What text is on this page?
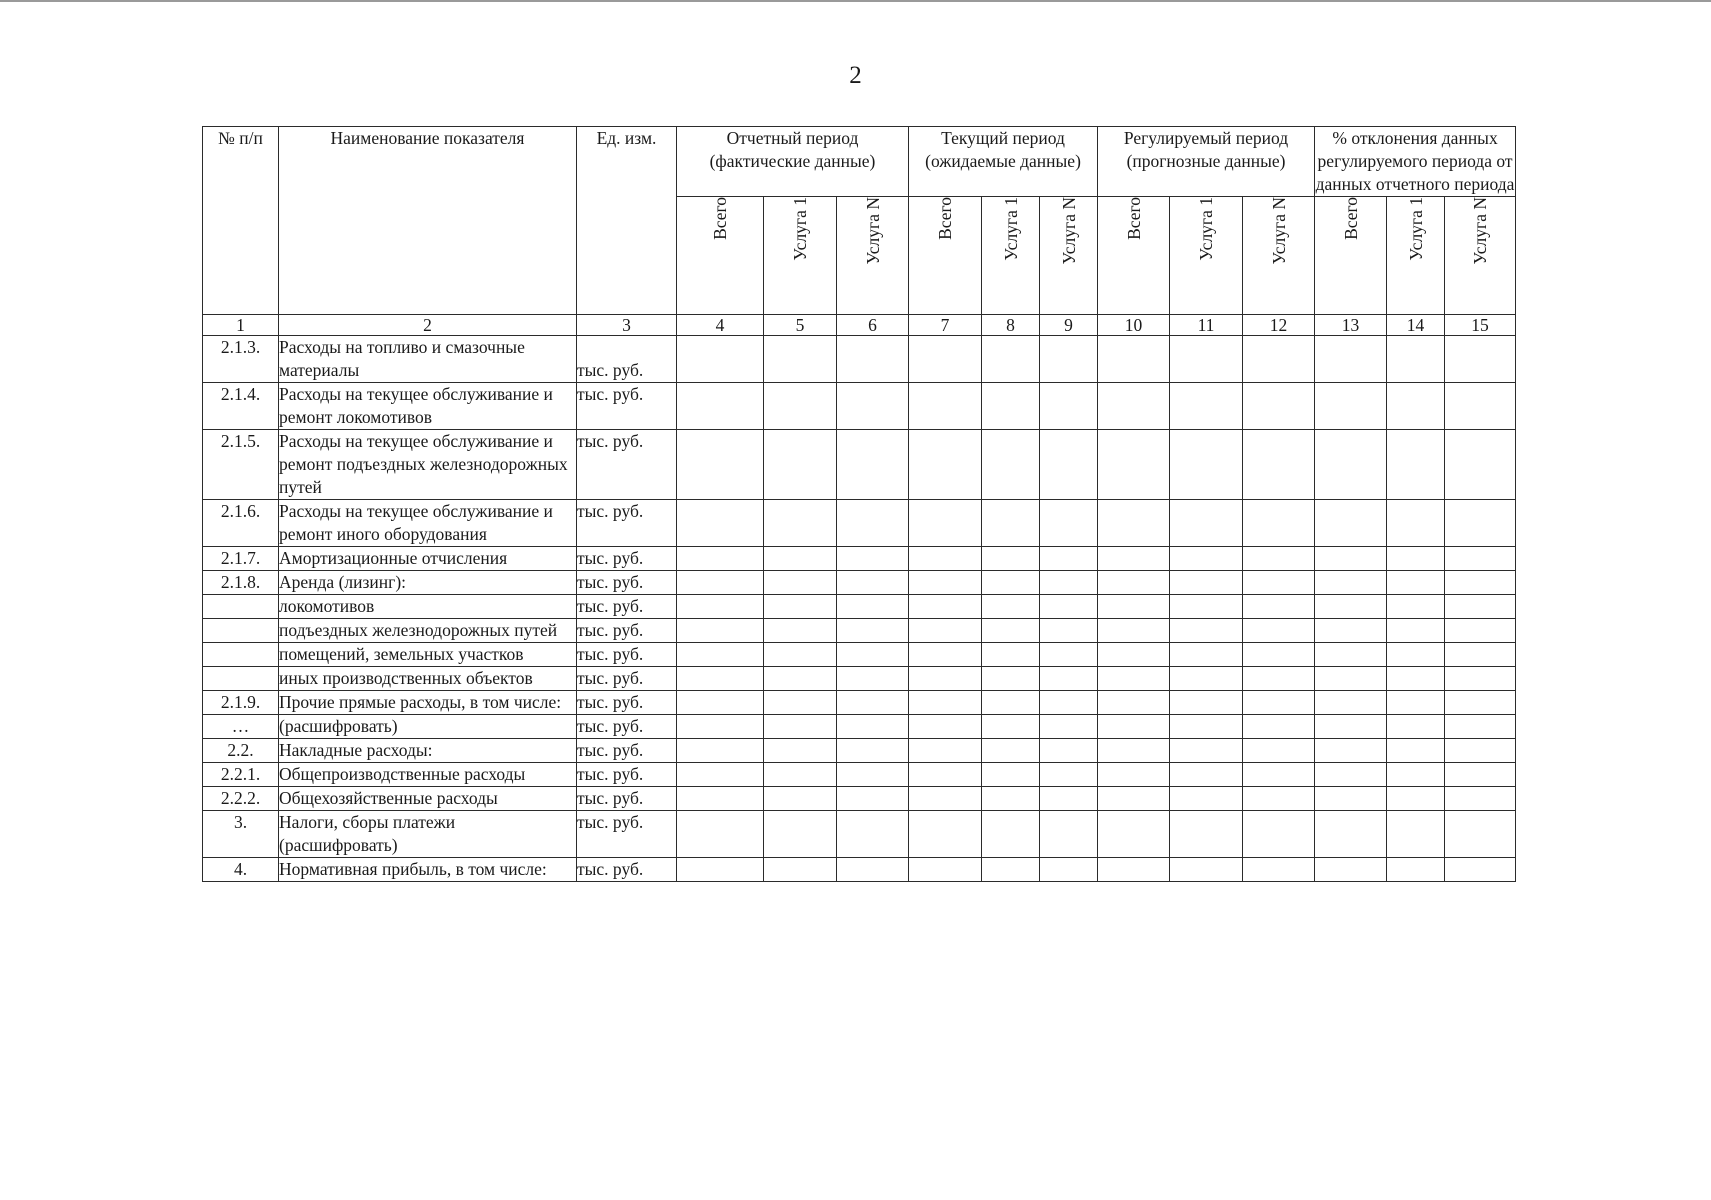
2
№ п/п	Наименование показателя	Ед. изм.	Отчетный период (фактические данные)			Текущий период (ожидаемые данные)			Регулируемый период (прогнозные данные)			% отклонения данных регулируемого периода от данных отчетного периода		
			Всего	Услуга 1	Услуга N	Всего	Услуга 1	Услуга N	Всего	Услуга 1	Услуга N	Всего	Услуга 1	Услуга N
1	2	3	4	5	6	7	8	9	10	11	12	13	14	15
2.1.3.	Расходы на топливо и смазочные материалы	тыс. руб.												
2.1.4.	Расходы на текущее обслуживание и ремонт локомотивов	тыс. руб.												
2.1.5.	Расходы на текущее обслуживание и ремонт подъездных железнодорожных путей	тыс. руб.												
2.1.6.	Расходы на текущее обслуживание и ремонт иного оборудования	тыс. руб.												
2.1.7.	Амортизационные отчисления	тыс. руб.												
2.1.8.	Аренда (лизинг):	тыс. руб.												
	локомотивов	тыс. руб.												
	подъездных железнодорожных путей	тыс. руб.												
	помещений, земельных участков	тыс. руб.												
	иных производственных объектов	тыс. руб.												
2.1.9.	Прочие прямые расходы, в том числе:	тыс. руб.												
…	(расшифровать)	тыс. руб.												
2.2.	Накладные расходы:	тыс. руб.												
2.2.1.	Общепроизводственные расходы	тыс. руб.												
2.2.2.	Общехозяйственные расходы	тыс. руб.												
3.	Налоги, сборы платежи (расшифровать)	тыс. руб.												
4.	Нормативная прибыль, в том числе:	тыс. руб.												
